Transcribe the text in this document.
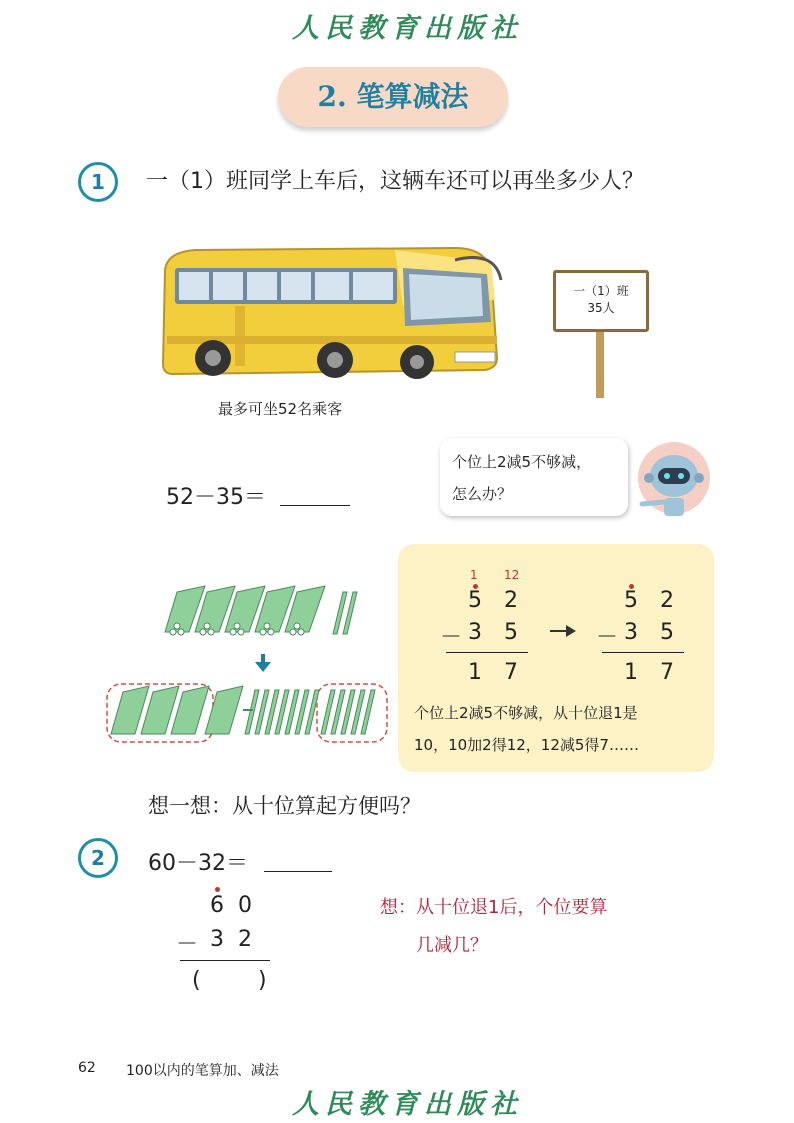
人民教育出版社
2. 笔算减法
1	一（1）班同学上车后，这辆车还可以再坐多少人？
最多可坐52名乘客
一（1）班
35人
52－35＝
个位上2减5不够减，
怎么办？
1 12
5 2
－ 3 5
1 7
5 2
－ 3 5
1 7
个位上2减5不够减，从十位退1是
10，10加2得12，12减5得7……
想一想：从十位算起方便吗？
2	60－32＝
6 0
－ 3 2
(	)
想：从十位退1后，个位要算
几减几？
62 100以内的笔算加、减法
人民教育出版社
